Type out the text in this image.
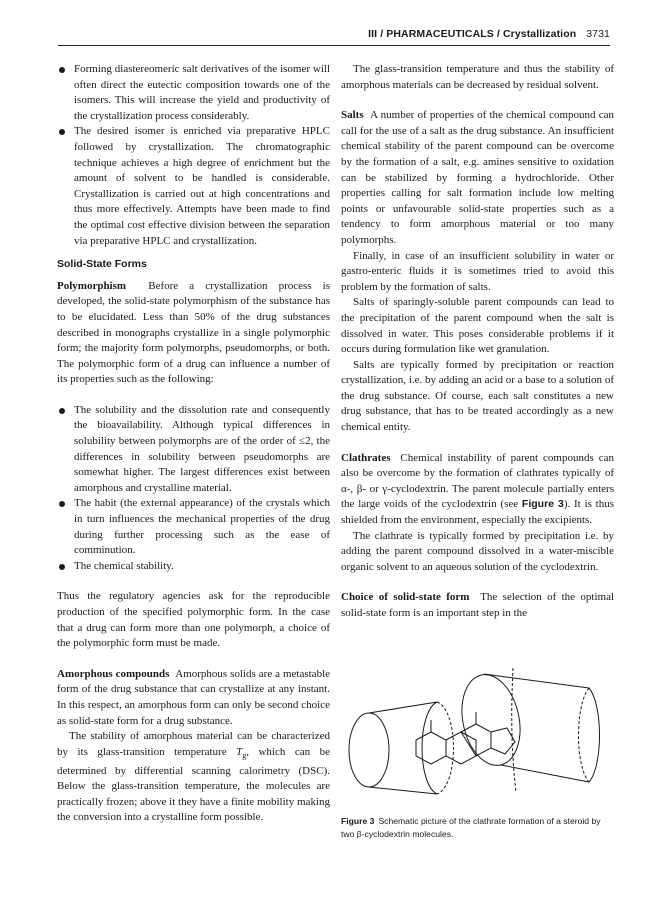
III / PHARMACEUTICALS / Crystallization 3731
Forming diastereomeric salt derivatives of the isomer will often direct the eutectic composition towards one of the isomers. This will increase the yield and productivity of the crystallization process considerably.
The desired isomer is enriched via preparative HPLC followed by crystallization. The chromatographic technique achieves a high degree of enrichment but the amount of solvent to be handled is considerable. Crystallization is carried out at high concentrations and thus more effectively. Attempts have been made to find the optimal cost effective division between the separation via preparative HPLC and crystallization.

Solid-State Forms

Polymorphism Before a crystallization process is developed, the solid-state polymorphism of the substance has to be elucidated. Less than 50% of the drug substances described in monographs crystallize in a single polymorphic form; the majority form polymorphs, pseudomorphs, or both. The polymorphic form of a drug can influence a number of its properties such as the following:

The solubility and the dissolution rate and consequently the bioavailability. Although typical differences in solubility between polymorphs are of the order of ≤2, the differences in solubility between pseudomorphs are somewhat higher. The largest differences exist between amorphous and crystalline material.
The habit (the external appearance) of the crystals which in turn influences the mechanical properties of the drug during further processing such as the ease of comminution.
The chemical stability.

Thus the regulatory agencies ask for the reproducible production of the specified polymorphic form. In the case that a drug can form more than one polymorph, a choice of the polymorphic form must be made.

Amorphous compounds Amorphous solids are a metastable form of the drug substance that can crystallize at any instant. In this respect, an amorphous form can only be second choice as solid-state form for a drug substance.

The stability of amorphous material can be characterized by its glass-transition temperature $T_g$, which can be determined by differential scanning calorimetry (DSC). Below the glass-transition temperature, the molecules are practically frozen; above it they have a finite mobility making the conversion into a crystalline form possible.

The glass-transition temperature and thus the stability of amorphous materials can be decreased by residual solvent.

Salts A number of properties of the chemical compound can call for the use of a salt as the drug substance. An insufficient chemical stability of the parent compound can be overcome by the formation of a salt, e.g. amines sensitive to oxidation can be stabilized by forming a hydrochloride. Other properties calling for salt formation include low melting points or unfavourable solid-state properties such as a tendency to form amorphous material or too many polymorphs.

Finally, in case of an insufficient solubility in water or gastro-enteric fluids it is sometimes tried to avoid this problem by the formation of salts.

Salts of sparingly-soluble parent compounds can lead to the precipitation of the parent compound when the salt is dissolved in water. This poses considerable problems if it occurs during formulation like wet granulation.

Salts are typically formed by precipitation or reaction crystallization, i.e. by adding an acid or a base to a solution of the drug substance. Of course, each salt constitutes a new drug substance, that has to be treated accordingly as a new chemical entity.

Clathrates Chemical instability of parent compounds can also be overcome by the formation of clathrates typically of α-, β- or γ-cyclodextrin. The parent molecule partially enters the large voids of the cyclodextrin (see Figure 3). It is thus shielded from the environment, especially the excipients.

The clathrate is typically formed by precipitation i.e. by adding the parent compound dissolved in a water-miscible organic solvent to an aqueous solution of the cyclodextrin.

Choice of solid-state form The selection of the optimal solid-state form is an important step in the

Figure 3 Schematic picture of the clathrate formation of a steroid by two β-cyclodextrin molecules.
